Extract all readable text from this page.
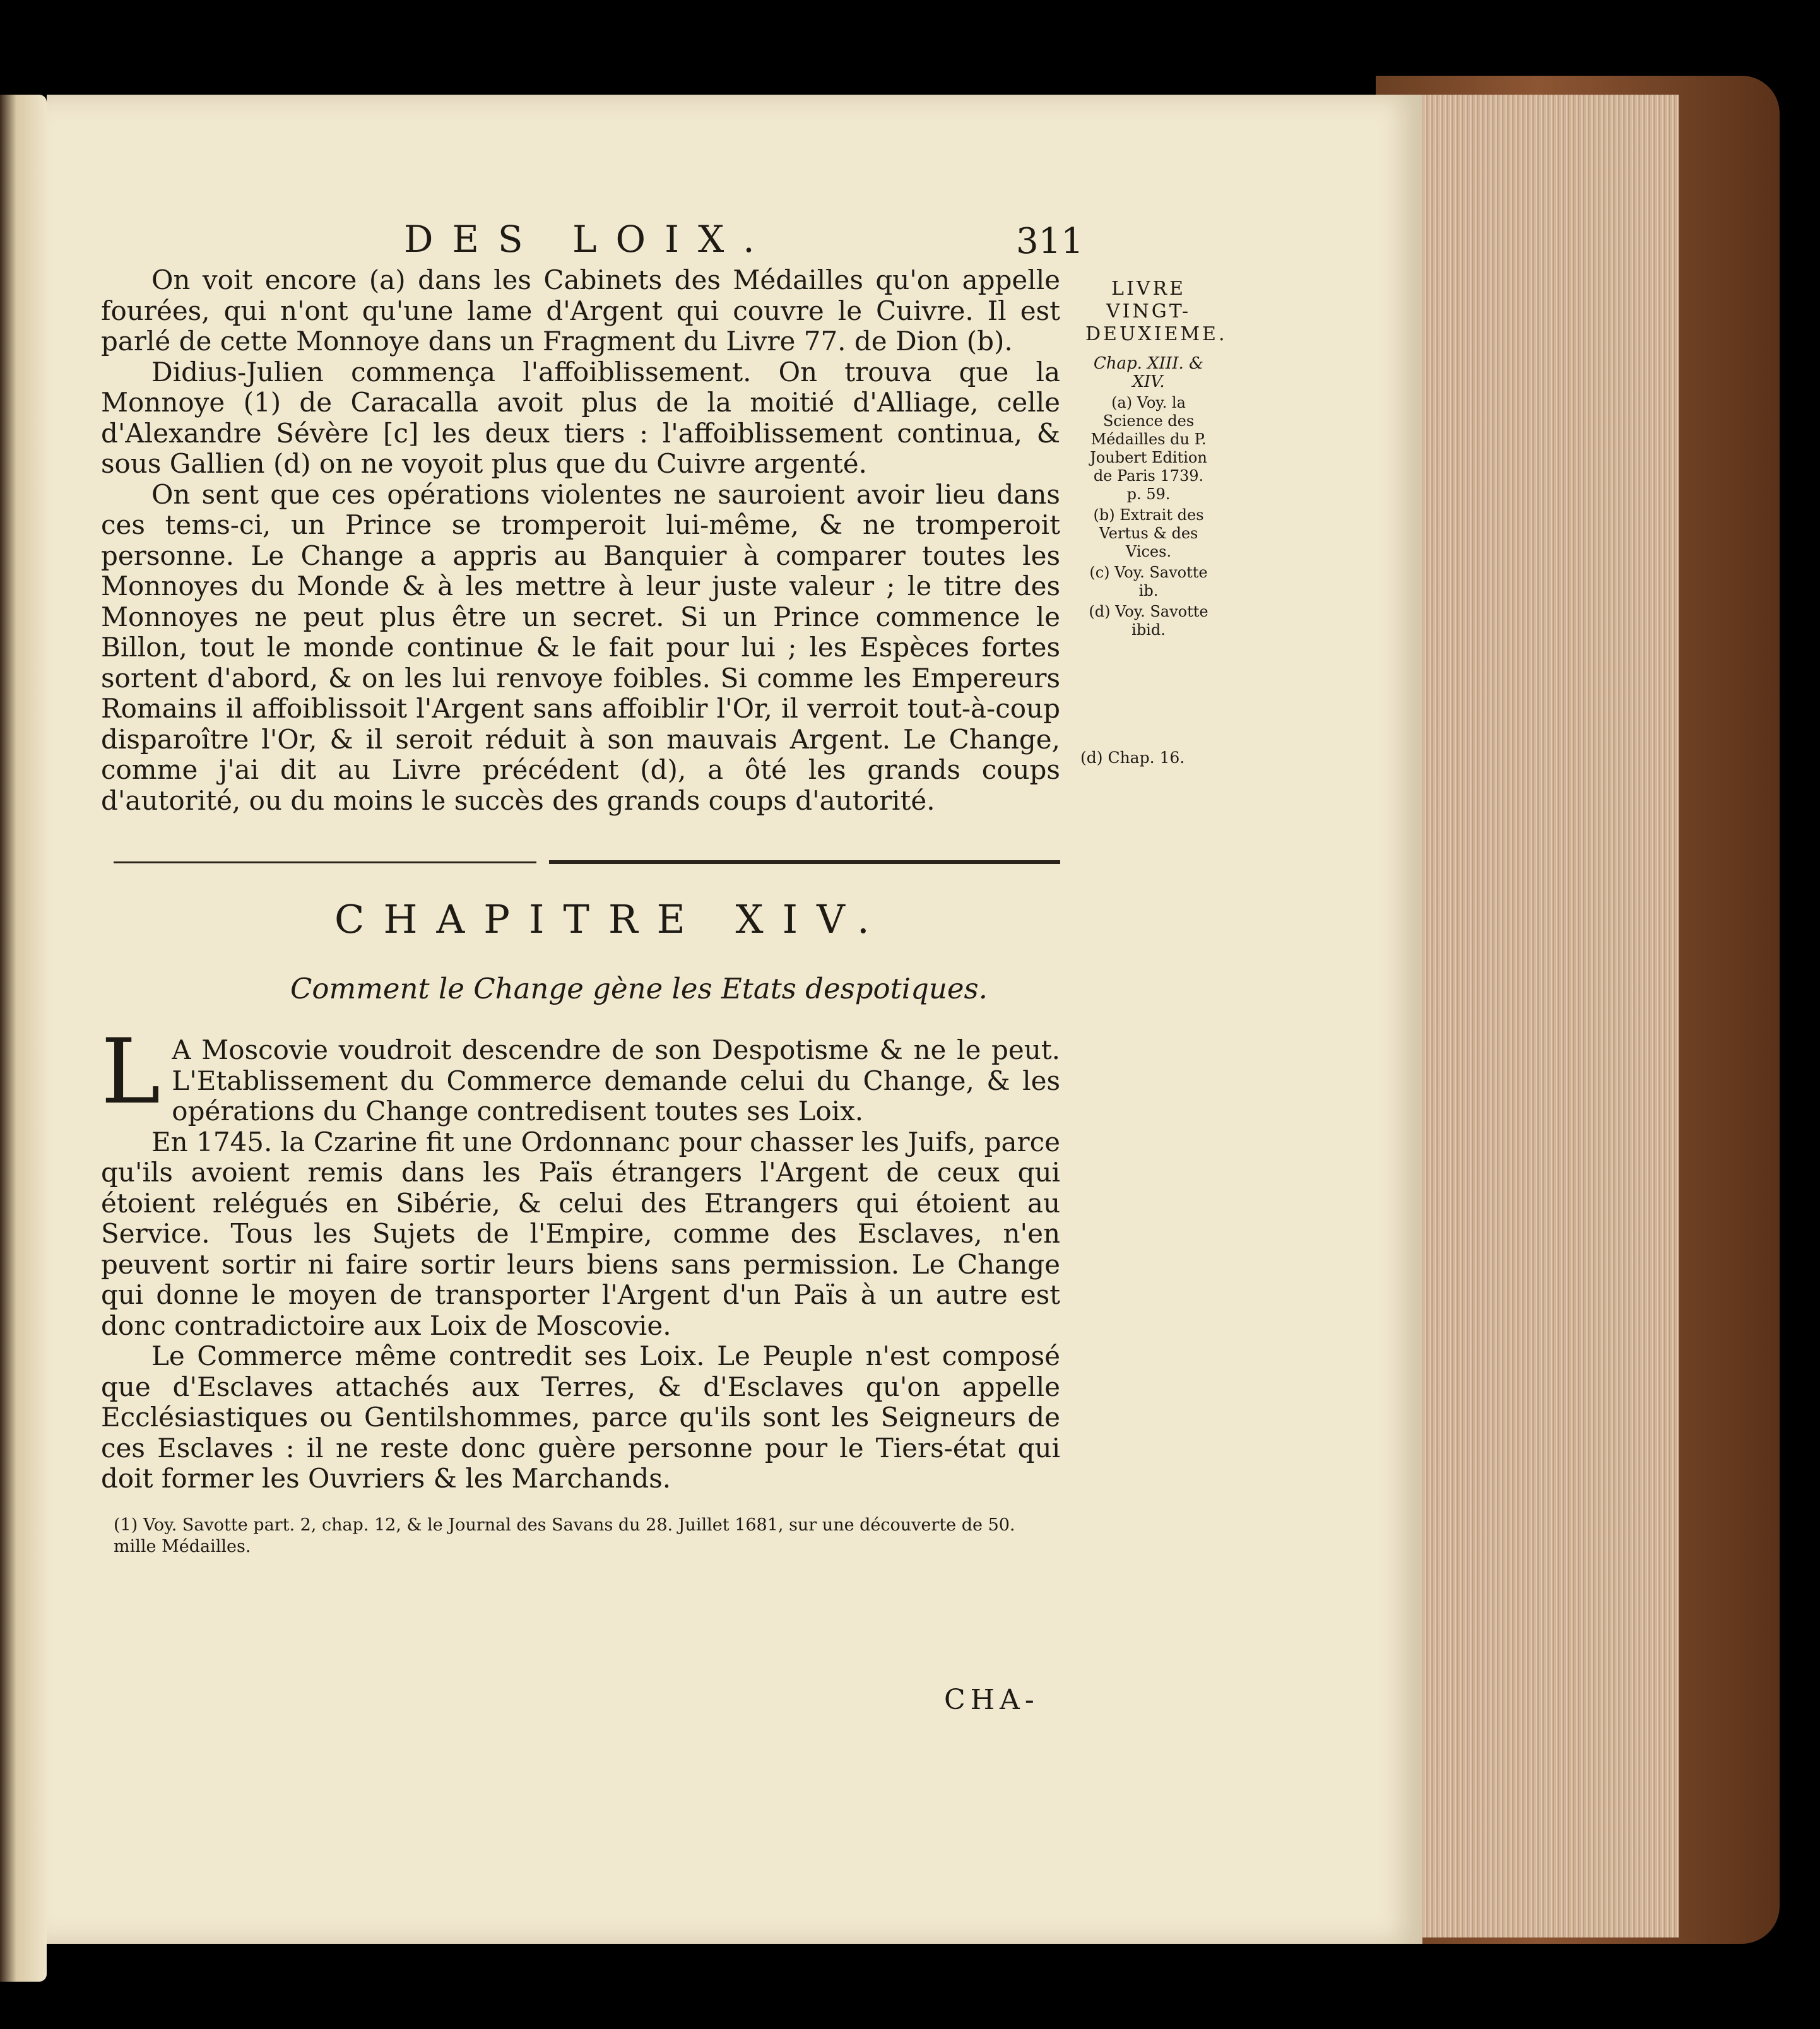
DES LOIX.	311

On voit encore (a) dans les Cabinets des Médailles qu'on appelle fourées, qui n'ont qu'une lame d'Argent qui couvre le Cuivre. Il est parlé de cette Monnoye dans un Fragment du Livre 77. de Dion (b).

Didius-Julien commença l'affoiblissement. On trouva que la Monnoye (1) de Caracalla avoit plus de la moitié d'Alliage, celle d'Alexandre Sévère [c] les deux tiers : l'affoiblissement continua, & sous Gallien (d) on ne voyoit plus que du Cuivre argenté.

On sent que ces opérations violentes ne sauroient avoir lieu dans ces tems-ci, un Prince se tromperoit lui-même, & ne tromperoit personne. Le Change a appris au Banquier à comparer toutes les Monnoyes du Monde & à les mettre à leur juste valeur ; le titre des Monnoyes ne peut plus être un secret. Si un Prince commence le Billon, tout le monde continue & le fait pour lui ; les Espèces fortes sortent d'abord, & on les lui renvoye foibles. Si comme les Empereurs Romains il affoiblissoit l'Argent sans affoiblir l'Or, il verroit tout-à-coup disparoître l'Or, & il seroit réduit à son mauvais Argent. Le Change, comme j'ai dit au Livre précédent (d), a ôté les grands coups d'autorité, ou du moins le succès des grands coups d'autorité.

LIVRE VINGT-DEUXIEME.
Chap. XIII. & XIV.
(a) Voy. la Science des Médailles du P. Joubert Edition de Paris 1739. p. 59.
(b) Extrait des Vertus & des Vices.
(c) Voy. Savotte ib.
(d) Voy. Savotte ibid.
(d) Chap. 16.
CHAPITRE XIV.
Comment le Change gène les Etats despotiques.

L A Moscovie voudroit descendre de son Despotisme & ne le peut. L'Etablissement du Commerce demande celui du Change, & les opérations du Change contredisent toutes ses Loix.

En 1745. la Czarine fit une Ordonnanc pour chasser les Juifs, parce qu'ils avoient remis dans les Païs étrangers l'Argent de ceux qui étoient relégués en Sibérie, & celui des Etrangers qui étoient au Service. Tous les Sujets de l'Empire, comme des Esclaves, n'en peuvent sortir ni faire sortir leurs biens sans permission. Le Change qui donne le moyen de transporter l'Argent d'un Païs à un autre est donc contradictoire aux Loix de Moscovie.

Le Commerce même contredit ses Loix. Le Peuple n'est composé que d'Esclaves attachés aux Terres, & d'Esclaves qu'on appelle Ecclésiastiques ou Gentilshommes, parce qu'ils sont les Seigneurs de ces Esclaves : il ne reste donc guère personne pour le Tiers-état qui doit former les Ouvriers & les Marchands.

(1) Voy. Savotte part. 2, chap. 12, & le Journal des Savans du 28. Juillet 1681, sur une découverte de 50. mille Médailles.
CHA-
